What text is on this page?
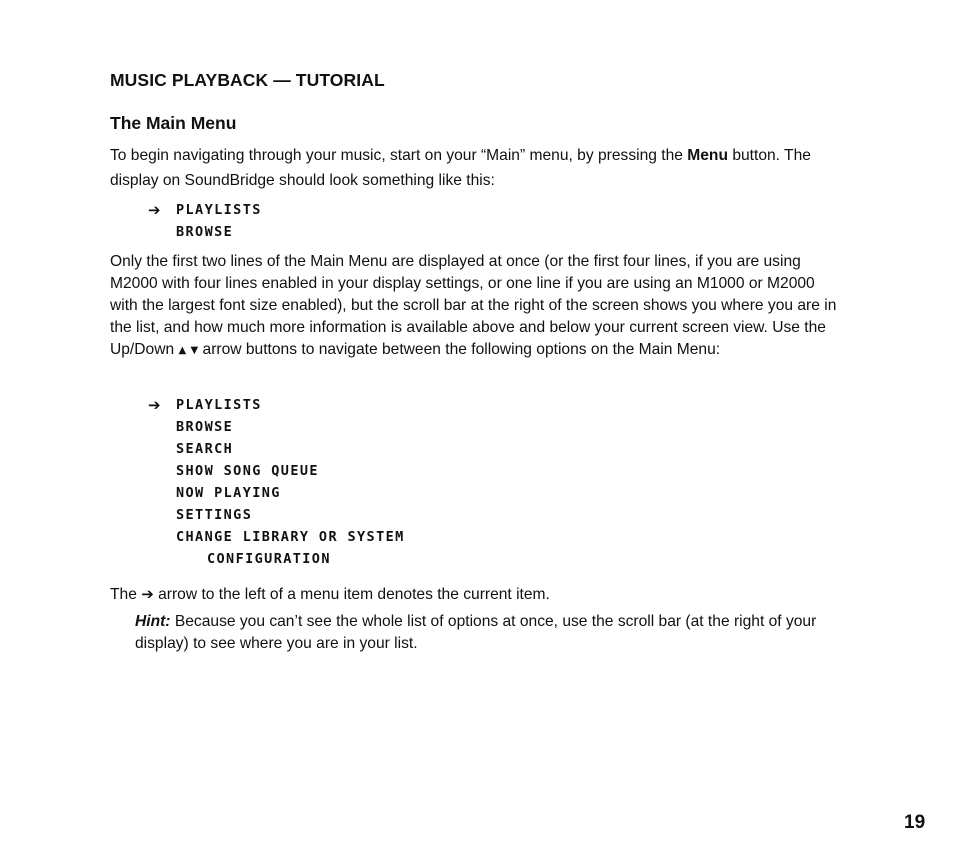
MUSIC PLAYBACK — TUTORIAL
The Main Menu

To begin navigating through your music, start on your “Main” menu, by pressing the Menu button. The display on SoundBridge should look something like this:

➔ PLAYLISTS
BROWSE

Only the first two lines of the Main Menu are displayed at once (or the first four lines, if you are using M2000 with four lines enabled in your display settings, or one line if you are using an M1000 or M2000 with the largest font size enabled), but the scroll bar at the right of the screen shows you where you are in the list, and how much more information is available above and below your current screen view. Use the Up/Down ▲ ▼ arrow buttons to navigate between the following options on the Main Menu:

➔ PLAYLISTS
BROWSE
SEARCH
SHOW SONG QUEUE
NOW PLAYING
SETTINGS
CHANGE LIBRARY OR SYSTEM
CONFIGURATION

The ➔ arrow to the left of a menu item denotes the current item.

Hint: Because you can’t see the whole list of options at once, use the scroll bar (at the right of your display) to see where you are in your list.

19
